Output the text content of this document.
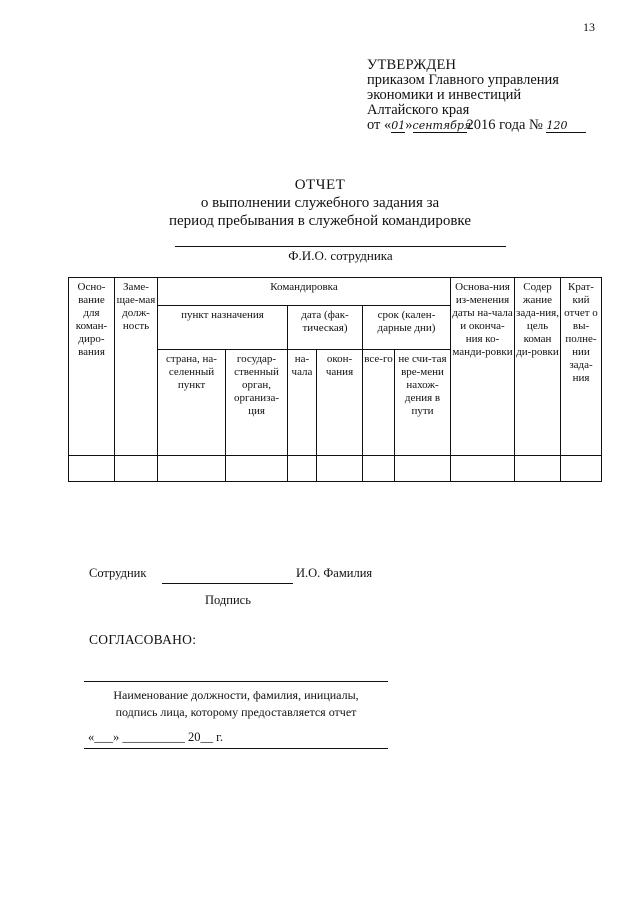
13
УТВЕРЖДЕН
приказом Главного управления
экономики и инвестиций
Алтайского края
от «01»сентября2016 года № 120
ОТЧЕТ
о выполнении служебного задания за
период пребывания в служебной командировке
Ф.И.О. сотрудника
Осно-вание для коман-диро-вания	Заме-щае-мая долж-ность	Командировка						Основа-ния из-менения даты на-чала и оконча-ния ко-манди-ровки	Содер жание зада-ния, цель коман ди-ровки	Крат-кий отчет о вы-полне-нии зада-ния
		пункт назначения		дата (фак-тическая)		срок (кален-дарные дни)				
		страна, на-селенный пункт	государ-ственный орган, организа-ция	на-чала	окон-чания	все-го	не счи-тая вре-мени нахож-дения в пути			

Сотрудник	И.О. Фамилия
Подпись
СОГЛАСОВАНО:
Наименование должности, фамилия, инициалы,
подпись лица, которому предоставляется отчет
«___» __________ 20__ г.
